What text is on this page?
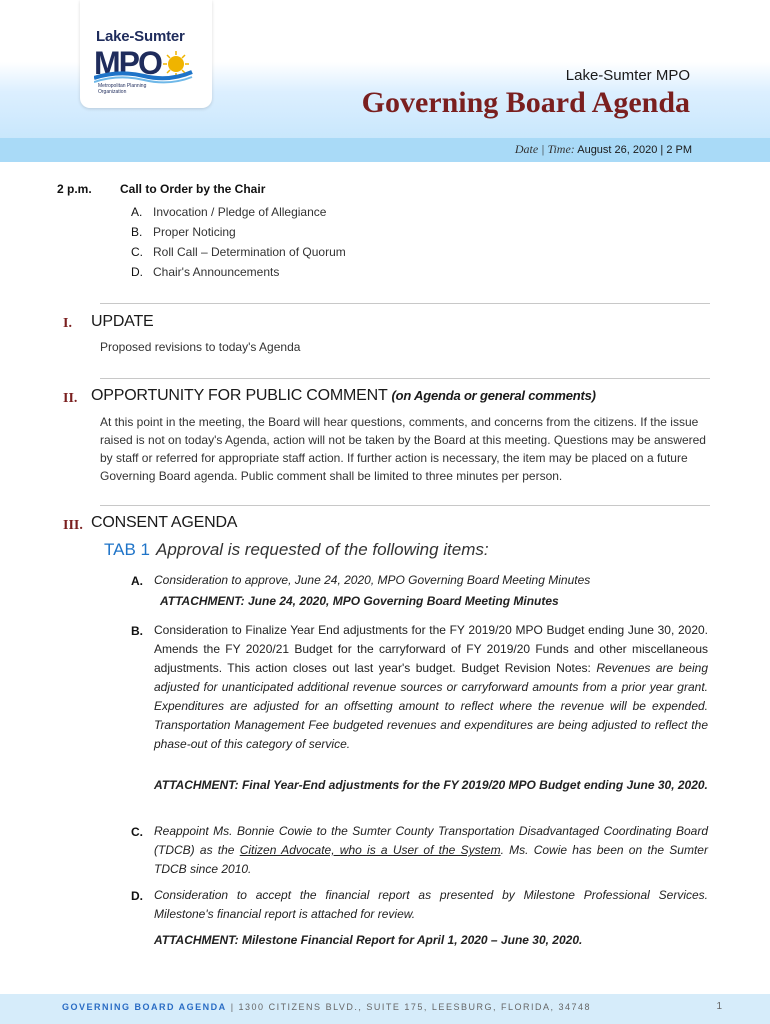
Lake-Sumter
MPO
Metropolitan Planning Organization
Lake-Sumter MPO
Governing Board Agenda
Date | Time: August 26, 2020 | 2 PM
2 p.m. Call to Order by the Chair
A. Invocation / Pledge of Allegiance
B. Proper Noticing
C. Roll Call – Determination of Quorum
D. Chair's Announcements
I. UPDATE
Proposed revisions to today's Agenda
II. OPPORTUNITY FOR PUBLIC COMMENT (on Agenda or general comments)
At this point in the meeting, the Board will hear questions, comments, and concerns from the citizens. If the issue raised is not on today's Agenda, action will not be taken by the Board at this meeting. Questions may be answered by staff or referred for appropriate staff action. If further action is necessary, the item may be placed on a future Governing Board agenda. Public comment shall be limited to three minutes per person.
III. CONSENT AGENDA
TAB 1 Approval is requested of the following items:
A. Consideration to approve, June 24, 2020, MPO Governing Board Meeting Minutes
ATTACHMENT: June 24, 2020, MPO Governing Board Meeting Minutes
B. Consideration to Finalize Year End adjustments for the FY 2019/20 MPO Budget ending June 30, 2020. Amends the FY 2020/21 Budget for the carryforward of FY 2019/20 Funds and other miscellaneous adjustments. This action closes out last year's budget. Budget Revision Notes: Revenues are being adjusted for unanticipated additional revenue sources or carryforward amounts from a prior year grant. Expenditures are adjusted for an offsetting amount to reflect where the revenue will be expended. Transportation Management Fee budgeted revenues and expenditures are being adjusted to reflect the phase-out of this category of service.
ATTACHMENT: Final Year-End adjustments for the FY 2019/20 MPO Budget ending June 30, 2020.
C. Reappoint Ms. Bonnie Cowie to the Sumter County Transportation Disadvantaged Coordinating Board (TDCB) as the Citizen Advocate, who is a User of the System. Ms. Cowie has been on the Sumter TDCB since 2010.
D. Consideration to accept the financial report as presented by Milestone Professional Services. Milestone's financial report is attached for review.
ATTACHMENT: Milestone Financial Report for April 1, 2020 – June 30, 2020.
GOVERNING BOARD AGENDA | 1300 CITIZENS BLVD., SUITE 175, LEESBURG, FLORIDA, 34748	1
